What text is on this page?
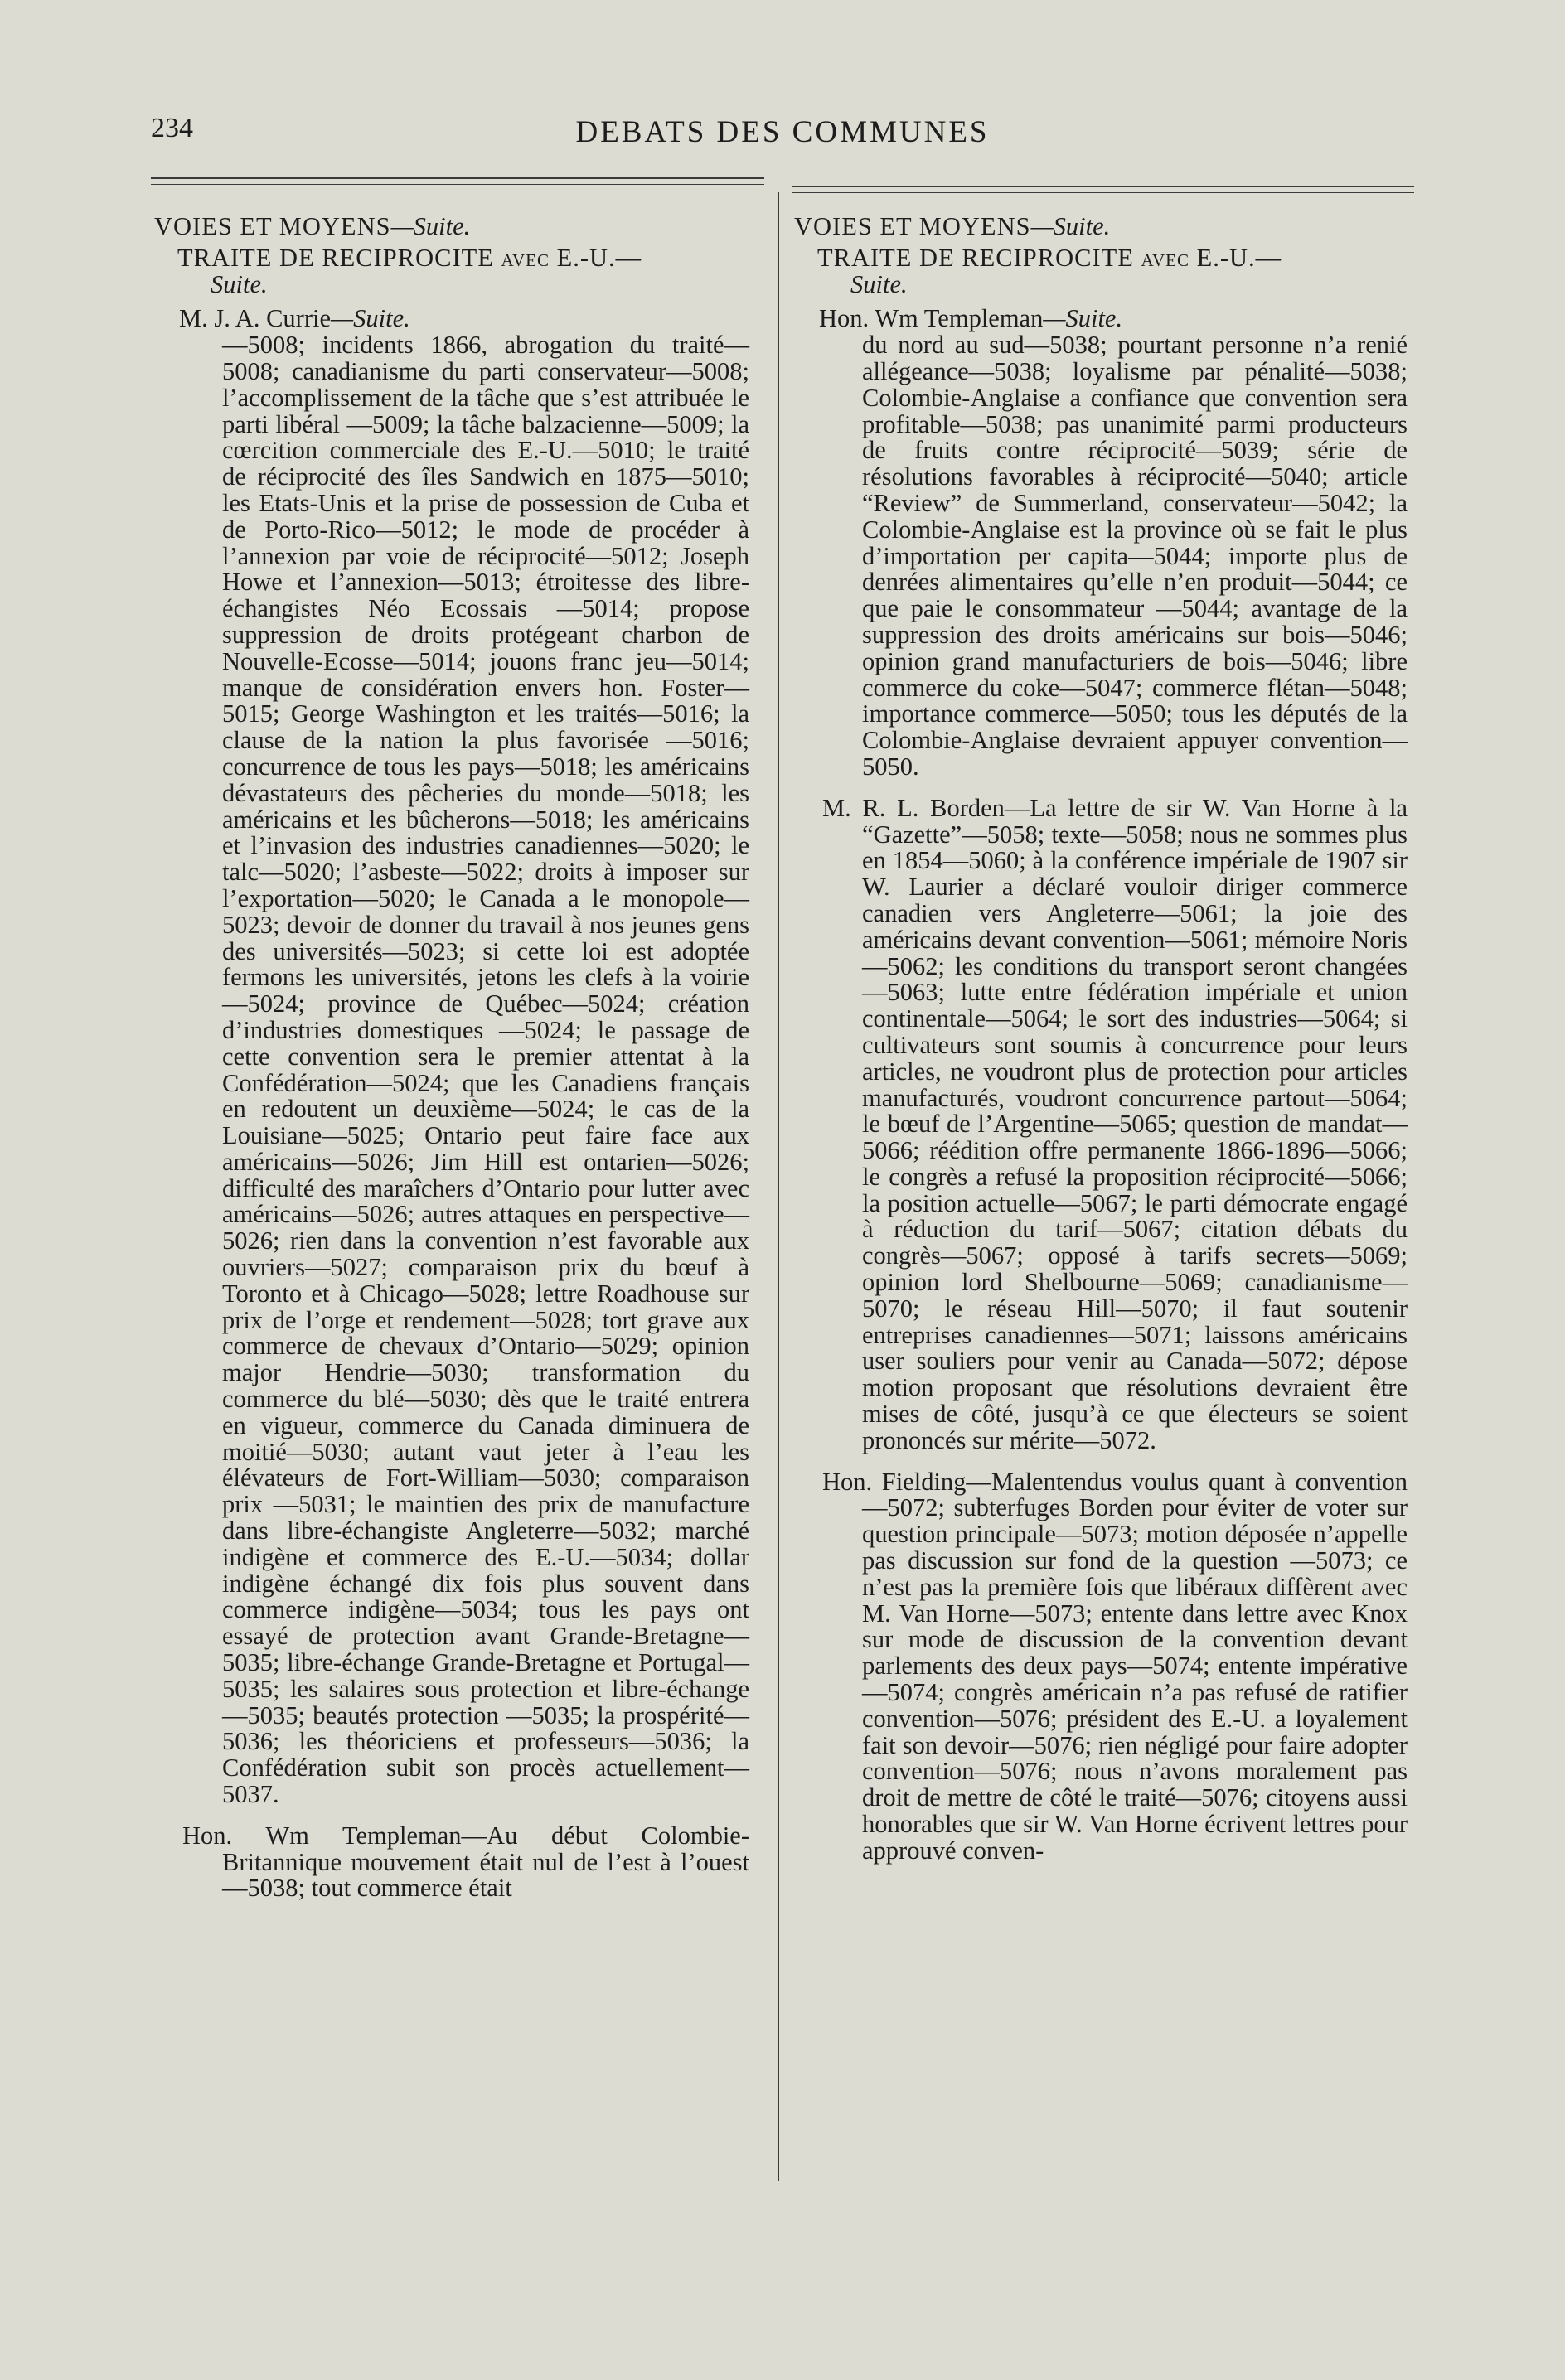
234	DEBATS DES COMMUNES
VOIES ET MOYENS—Suite.
TRAITE DE RECIPROCITE avec E.-U.—
Suite.
M. J. A. Currie—Suite.
—5008; incidents 1866, abrogation du traité—5008; canadianisme du parti conservateur—5008; l’accomplissement de la tâche que s’est attribuée le parti libéral —5009; la tâche balzacienne—5009; la cœrcition commerciale des E.-U.—5010; le traité de réciprocité des îles Sandwich en 1875—5010; les Etats-Unis et la prise de possession de Cuba et de Porto-Rico—5012; le mode de procéder à l’annexion par voie de réciprocité—5012; Joseph Howe et l’annexion—5013; étroitesse des libre-échangistes Néo Ecossais —5014; propose suppression de droits protégeant charbon de Nouvelle-Ecosse—5014; jouons franc jeu—5014; manque de considération envers hon. Foster—5015; George Washington et les traités—5016; la clause de la nation la plus favorisée —5016; concurrence de tous les pays—5018; les américains dévastateurs des pêcheries du monde—5018; les américains et les bûcherons—5018; les américains et l’invasion des industries canadiennes—5020; le talc—5020; l’asbeste—5022; droits à imposer sur l’exportation—5020; le Canada a le monopole—5023; devoir de donner du travail à nos jeunes gens des universités—5023; si cette loi est adoptée fermons les universités, jetons les clefs à la voirie—5024; province de Québec—5024; création d’industries domestiques —5024; le passage de cette convention sera le premier attentat à la Confédération—5024; que les Canadiens français en redoutent un deuxième—5024; le cas de la Louisiane—5025; Ontario peut faire face aux américains—5026; Jim Hill est ontarien—5026; difficulté des maraîchers d’Ontario pour lutter avec américains—5026; autres attaques en perspective—5026; rien dans la convention n’est favorable aux ouvriers—5027; comparaison prix du bœuf à Toronto et à Chicago—5028; lettre Roadhouse sur prix de l’orge et rendement—5028; tort grave aux commerce de chevaux d’Ontario—5029; opinion major Hendrie—5030; transformation du commerce du blé—5030; dès que le traité entrera en vigueur, commerce du Canada diminuera de moitié—5030; autant vaut jeter à l’eau les élévateurs de Fort-William—5030; comparaison prix —5031; le maintien des prix de manufacture dans libre-échangiste Angleterre—5032; marché indigène et commerce des E.-U.—5034; dollar indigène échangé dix fois plus souvent dans commerce indigène—5034; tous les pays ont essayé de protection avant Grande-Bretagne—5035; libre-échange Grande-Bretagne et Portugal—5035; les salaires sous protection et libre-échange—5035; beautés protection —5035; la prospérité—5036; les théoriciens et professeurs—5036; la Confédération subit son procès actuellement—5037.
Hon. Wm Templeman—Au début Colombie-Britannique mouvement était nul de l’est à l’ouest—5038; tout commerce était
VOIES ET MOYENS—Suite.
TRAITE DE RECIPROCITE avec E.-U.—
Suite.
Hon. Wm Templeman—Suite.
du nord au sud—5038; pourtant personne n’a renié allégeance—5038; loyalisme par pénalité—5038; Colombie-Anglaise a confiance que convention sera profitable—5038; pas unanimité parmi producteurs de fruits contre réciprocité—5039; série de résolutions favorables à réciprocité—5040; article “Review” de Summerland, conservateur—5042; la Colombie-Anglaise est la province où se fait le plus d’importation per capita—5044; importe plus de denrées alimentaires qu’elle n’en produit—5044; ce que paie le consommateur —5044; avantage de la suppression des droits américains sur bois—5046; opinion grand manufacturiers de bois—5046; libre commerce du coke—5047; commerce flétan—5048; importance commerce—5050; tous les députés de la Colombie-Anglaise devraient appuyer convention—5050.
M. R. L. Borden—La lettre de sir W. Van Horne à la “Gazette”—5058; texte—5058; nous ne sommes plus en 1854—5060; à la conférence impériale de 1907 sir W. Laurier a déclaré vouloir diriger commerce canadien vers Angleterre—5061; la joie des américains devant convention—5061; mémoire Noris—5062; les conditions du transport seront changées—5063; lutte entre fédération impériale et union continentale—5064; le sort des industries—5064; si cultivateurs sont soumis à concurrence pour leurs articles, ne voudront plus de protection pour articles manufacturés, voudront concurrence partout—5064; le bœuf de l’Argentine—5065; question de mandat—5066; réédition offre permanente 1866-1896—5066; le congrès a refusé la proposition réciprocité—5066; la position actuelle—5067; le parti démocrate engagé à réduction du tarif—5067; citation débats du congrès—5067; opposé à tarifs secrets—5069; opinion lord Shelbourne—5069; canadianisme—5070; le réseau Hill—5070; il faut soutenir entreprises canadiennes—5071; laissons américains user souliers pour venir au Canada—5072; dépose motion proposant que résolutions devraient être mises de côté, jusqu’à ce que électeurs se soient prononcés sur mérite—5072.
Hon. Fielding—Malentendus voulus quant à convention—5072; subterfuges Borden pour éviter de voter sur question principale—5073; motion déposée n’appelle pas discussion sur fond de la question —5073; ce n’est pas la première fois que libéraux diffèrent avec M. Van Horne—5073; entente dans lettre avec Knox sur mode de discussion de la convention devant parlements des deux pays—5074; entente impérative—5074; congrès américain n’a pas refusé de ratifier convention—5076; président des E.-U. a loyalement fait son devoir—5076; rien négligé pour faire adopter convention—5076; nous n’avons moralement pas droit de mettre de côté le traité—5076; citoyens aussi honorables que sir W. Van Horne écrivent lettres pour approuvé conven-
